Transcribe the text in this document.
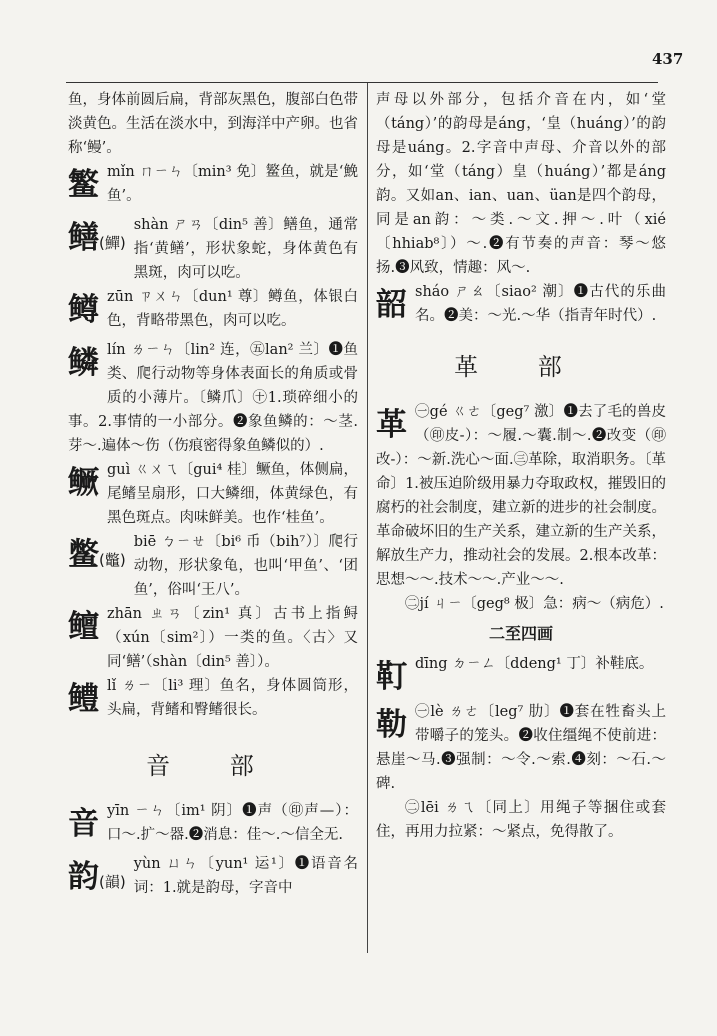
437

鱼，身体前圆后扁，背部灰黑色，腹部白色带淡黄色。生活在淡水中，到海洋中产卵。也省称‘鳗’。

鳘 mǐn ㄇㄧㄣ〔min³ 免〕鳘鱼，就是‘鮸鱼’。
鳝(鱓)
shàn ㄕㄢ〔din⁵ 善〕鳝鱼，通常指‘黄鳝’，形状象蛇，身体黄色有黑斑，肉可以吃。
鳟 zūn ㄗㄨㄣ〔dun¹ 尊〕鳟鱼，体银白色，背略带黑色，肉可以吃。
鳞 lín ㄌㄧㄣ〔lin² 连，㊄lan² 兰〕❶鱼类、爬行动物等身体表面长的角质或骨质的小薄片。〔鳞爪〕㊉1.琐碎细小的事。2.事情的一小部分。❷象鱼鳞的：～茎.芽～.遍体～伤（伤痕密得象鱼鳞似的）.
鳜 guì ㄍㄨㄟ〔gui⁴ 桂〕鳜鱼，体侧扁，尾鳍呈扇形，口大鳞细，体黄绿色，有黑色斑点。肉味鲜美。也作‘桂鱼’。
鳖(鼈)
biē ㄅㄧㄝ〔bi⁶ 币（bih⁷）〕爬行动物，形状象龟，也叫‘甲鱼’、‘团鱼’，俗叫‘王八’。
鳣 zhān ㄓㄢ〔zin¹ 真〕古书上指鲟（xún〔sim²〕）一类的鱼。〈古〉又同‘鳝’（shàn〔din⁵ 善〕）。
鳢 lǐ ㄌㄧ〔li³ 理〕鱼名，身体圆筒形，头扁，背鳍和臀鳍很长。
音 部
音 yīn ㄧㄣ〔im¹ 阴〕❶声（㊞声—）：口～.扩～器.❷消息：佳～.～信全无.
韵(韻)
yùn ㄩㄣ〔yun¹ 运¹〕❶语音名词：1.就是韵母，字音中

声母以外部分，包括介音在内，如‘堂（táng）’的韵母是áng，‘皇（huáng）’的韵母是uáng。2.字音中声母、介音以外的部分，如‘堂（táng）皇（huáng）’都是áng韵。又如an、ian、uan、üan是四个韵母，同是an韵：～类.～文.押～.叶（xié〔hhiab⁸〕）～.❷有节奏的声音：琴～悠扬.❸风致，情趣：风～.

韶 sháo ㄕㄠ〔siao² 潮〕❶古代的乐曲名。❷美：～光.～华（指青年时代）.
革 部
革 ㊀gé ㄍㄜ〔geg⁷ 激〕❶去了毛的兽皮（㊞皮-）：～履.～囊.制～.❷改变（㊞改-）：～新.洗心～面.㊂革除，取消职务。〔革命〕1.被压迫阶级用暴力夺取政权，摧毁旧的腐朽的社会制度，建立新的进步的社会制度。革命破坏旧的生产关系，建立新的生产关系，解放生产力，推动社会的发展。2.根本改革：思想～～.技术～～.产业～～.

㊁jí ㄐㄧ〔geg⁸ 极〕急：病～（病危）.

二至四画
靪 dīng ㄉㄧㄥ〔ddeng¹ 丁〕补鞋底。
勒 ㊀lè ㄌㄜ〔leg⁷ 肋〕❶套在牲畜头上带嚼子的笼头。❷收住缰绳不使前进：悬崖～马.❸强制：～令.～索.❹刻：～石.～碑.

㊁lēi ㄌㄟ〔同上〕用绳子等捆住或套住，再用力拉紧：～紧点，免得散了。
